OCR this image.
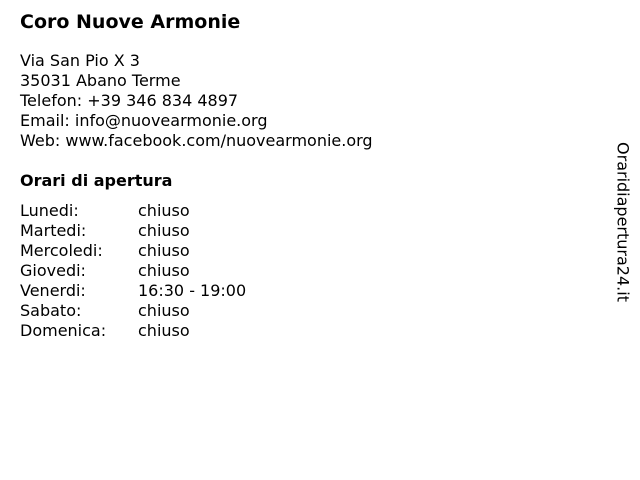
Coro Nuove Armonie
Via San Pio X 3
35031 Abano Terme
Telefon: +39 346 834 4897
Email: info@nuovearmonie.org
Web: www.facebook.com/nuovearmonie.org
Orari di apertura
Lunedi:	chiuso
Martedi:	chiuso
Mercoledi:	chiuso
Giovedi:	chiuso
Venerdi:	16:30 - 19:00
Sabato:	chiuso
Domenica:	chiuso
Oraridiapertura24.it
